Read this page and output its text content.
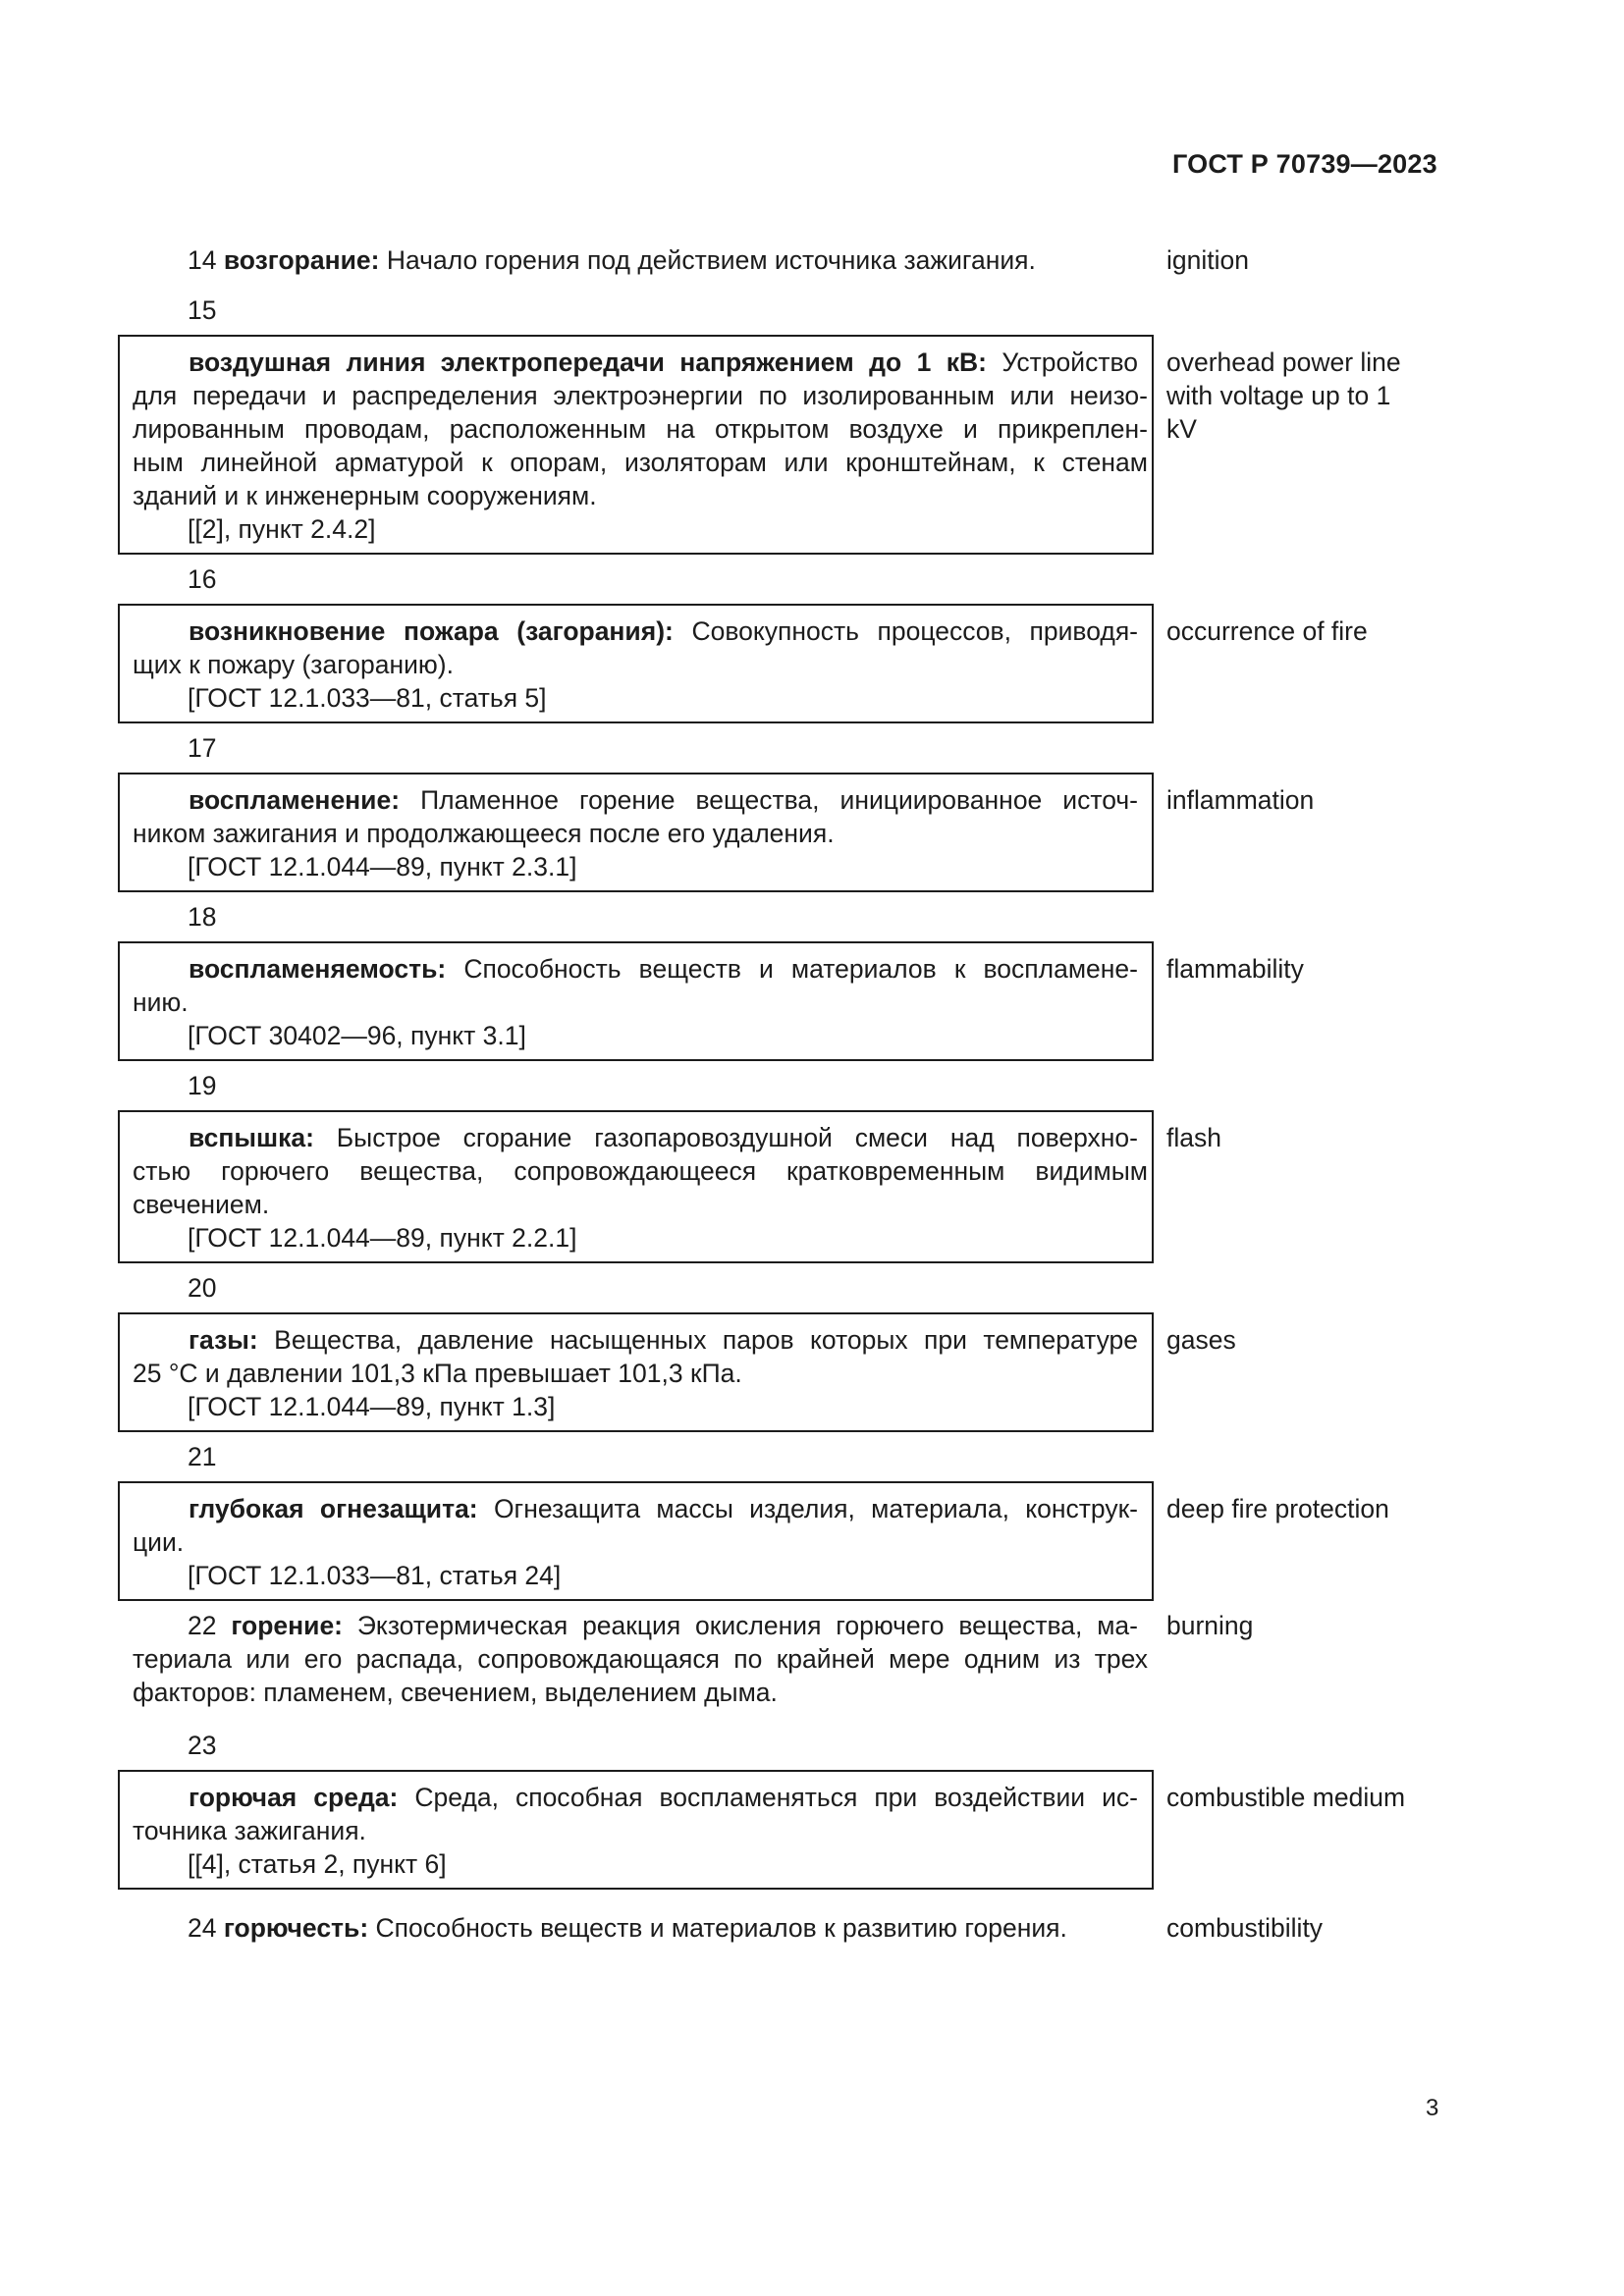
ГОСТ Р 70739—2023
14 возгорание: Начало горения под действием источника зажигания.	ignition
15
воздушная линия электропередачи напряжением до 1 кВ: Устройство
для передачи и распределения электроэнергии по изолированным или неизо-
лированным проводам, расположенным на открытом воздухе и прикреплен-
ным линейной арматурой к опорам, изоляторам или кронштейнам, к стенам
зданий и к инженерным сооружениям.
[[2], пункт 2.4.2]
overhead power line
with voltage up to 1
kV
16
возникновение пожара (загорания): Совокупность процессов, приводя-
щих к пожару (загоранию).
[ГОСТ 12.1.033—81, статья 5]
occurrence of fire
17
воспламенение: Пламенное горение вещества, инициированное источ-
ником зажигания и продолжающееся после его удаления.
[ГОСТ 12.1.044—89, пункт 2.3.1]
inflammation
18
воспламеняемость: Способность веществ и материалов к воспламене-
нию.
[ГОСТ 30402—96, пункт 3.1]
flammability
19
вспышка: Быстрое сгорание газопаровоздушной смеси над поверхно-
стью горючего вещества, сопровождающееся кратковременным видимым
свечением.
[ГОСТ 12.1.044—89, пункт 2.2.1]
flash
20
газы: Вещества, давление насыщенных паров которых при температуре
25 °С и давлении 101,3 кПа превышает 101,3 кПа.
[ГОСТ 12.1.044—89, пункт 1.3]
gases
21
глубокая огнезащита: Огнезащита массы изделия, материала, конструк-
ции.
[ГОСТ 12.1.033—81, статья 24]
deep fire protection
22 горение: Экзотермическая реакция окисления горючего вещества, ма-
териала или его распада, сопровождающаяся по крайней мере одним из трех
факторов: пламенем, свечением, выделением дыма.
burning
23
горючая среда: Среда, способная воспламеняться при воздействии ис-
точника зажигания.
[[4], статья 2, пункт 6]
combustible medium
24 горючесть: Способность веществ и материалов к развитию горения.	combustibility
3
